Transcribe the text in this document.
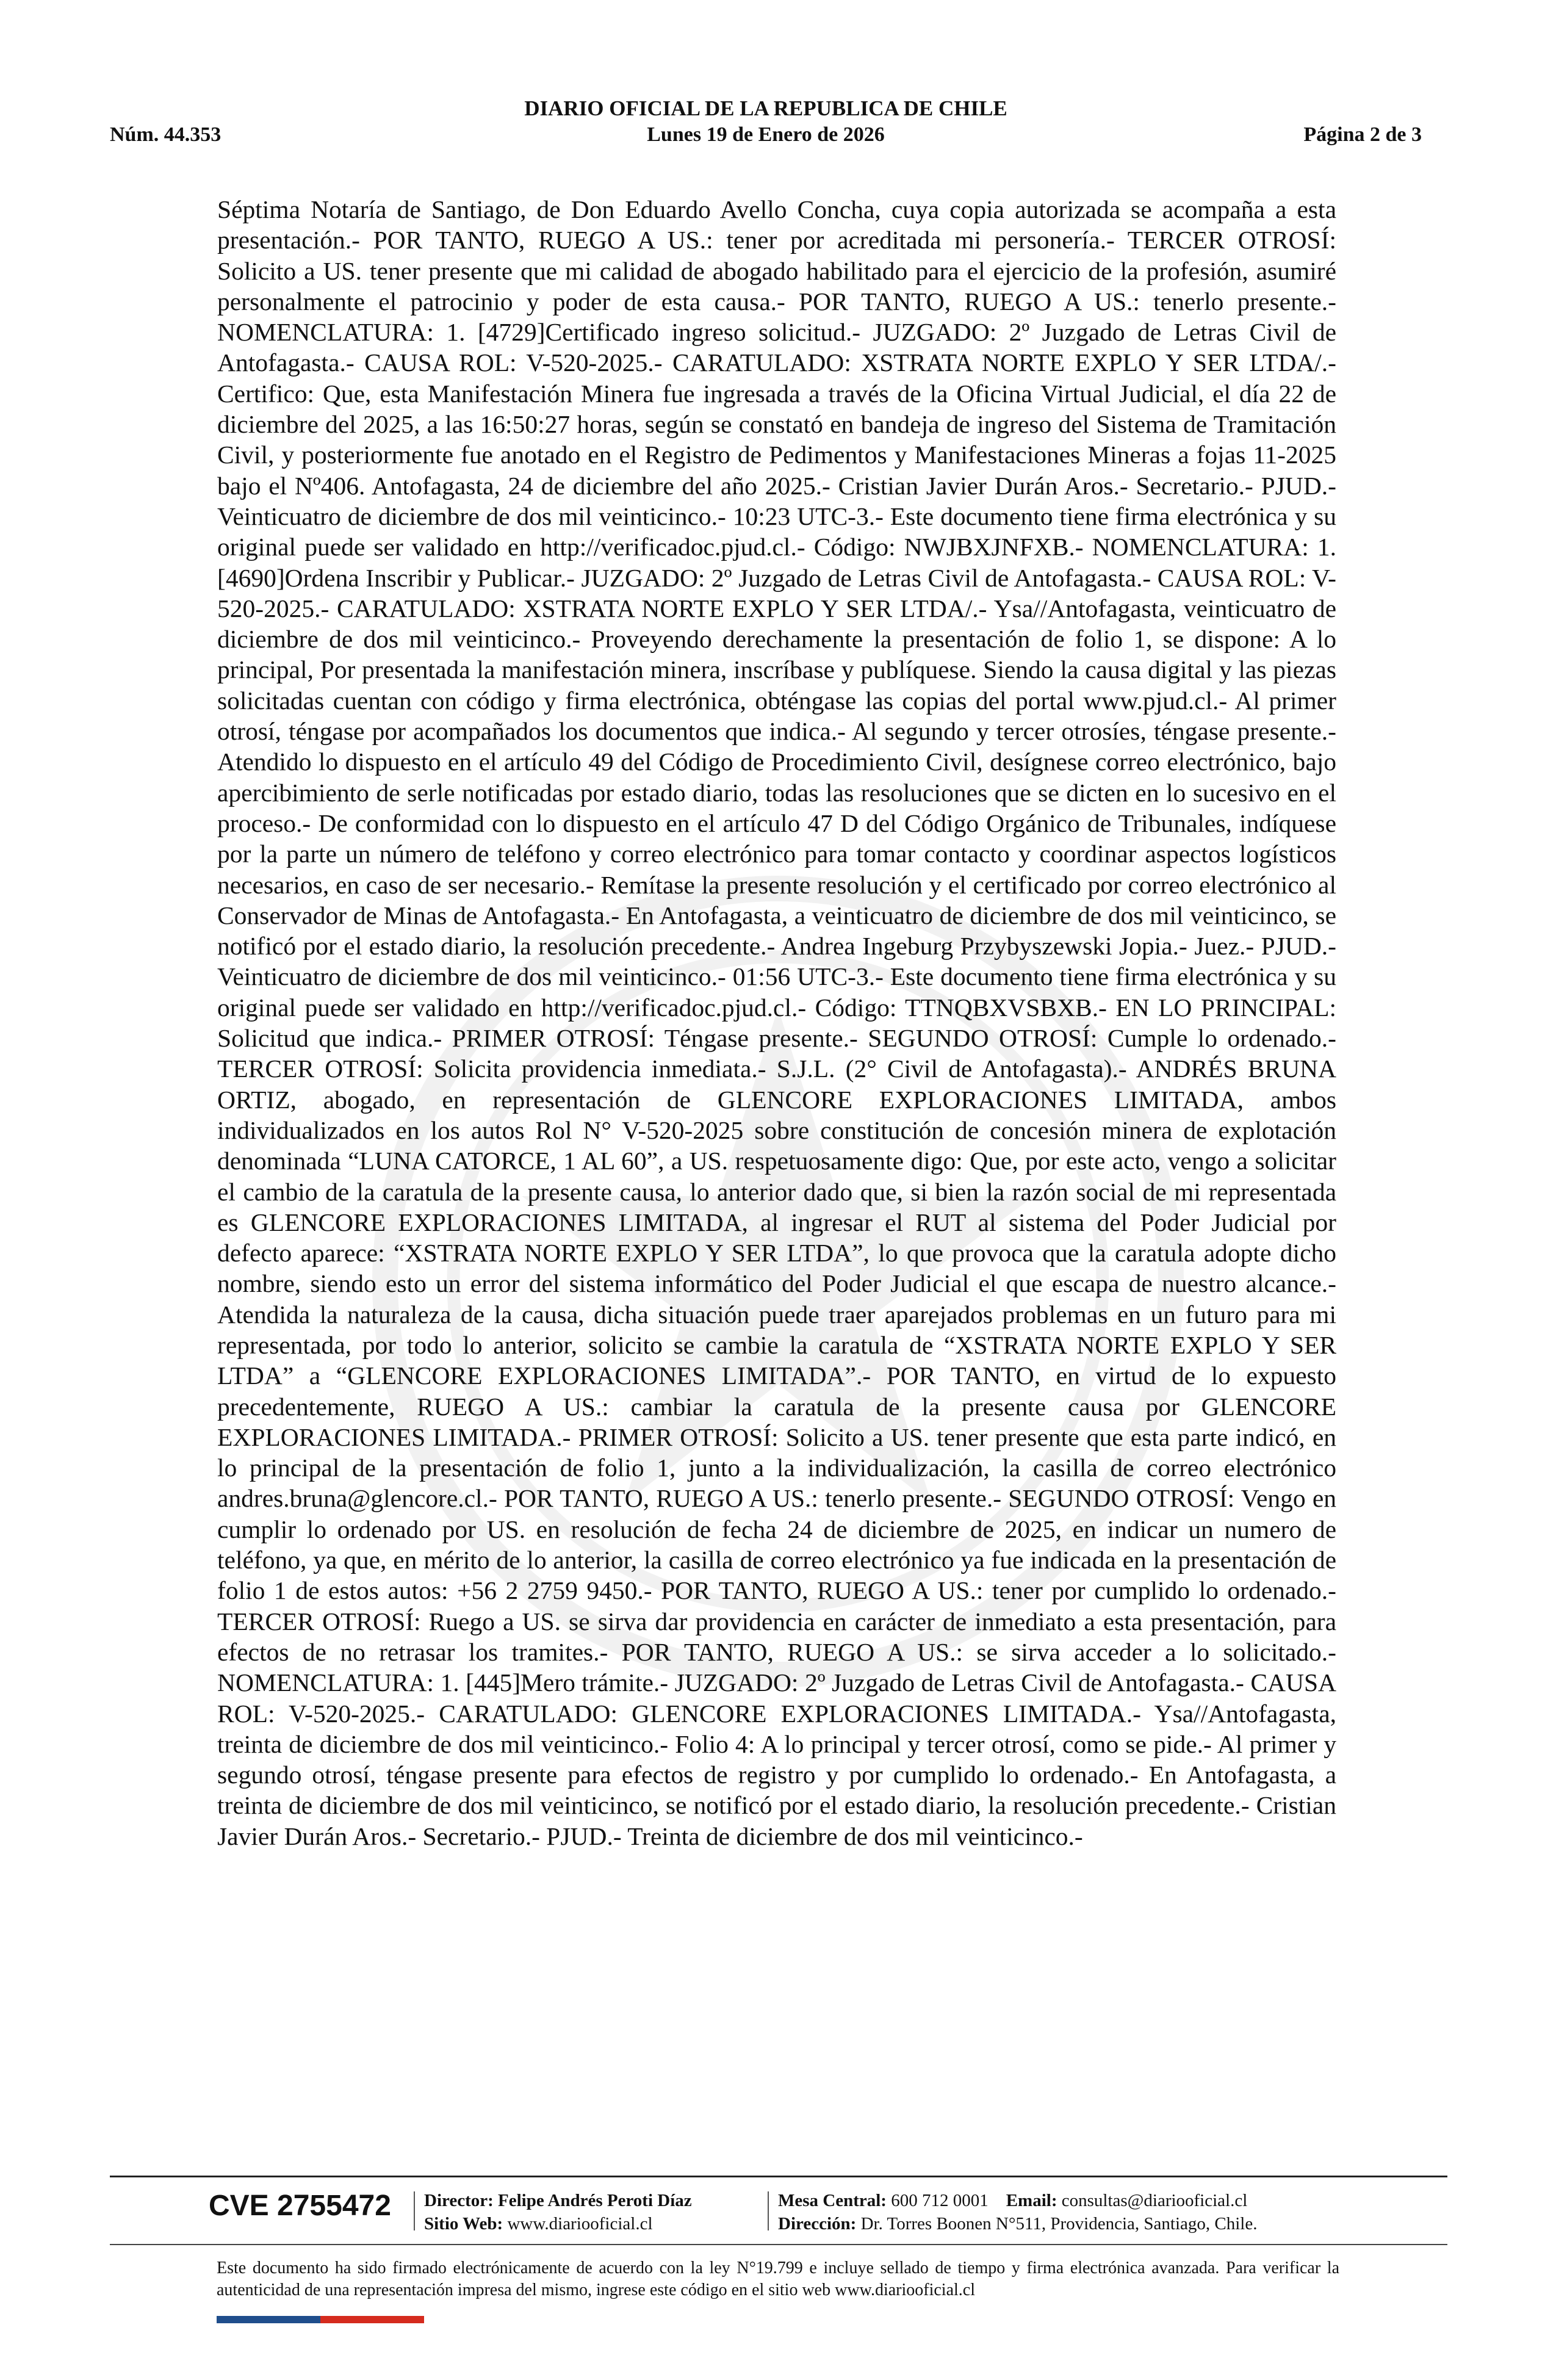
DIARIO OFICIAL DE LA REPUBLICA DE CHILE
Núm. 44.353	Lunes 19 de Enero de 2026	Página 2 de 3
Séptima Notaría de Santiago, de Don Eduardo Avello Concha, cuya copia autorizada se acompaña a esta presentación.- POR TANTO, RUEGO A US.: tener por acreditada mi personería.- TERCER OTROSÍ: Solicito a US. tener presente que mi calidad de abogado habilitado para el ejercicio de la profesión, asumiré personalmente el patrocinio y poder de esta causa.- POR TANTO, RUEGO A US.: tenerlo presente.- NOMENCLATURA: 1. [4729]Certificado ingreso solicitud.- JUZGADO: 2º Juzgado de Letras Civil de Antofagasta.- CAUSA ROL: V-520-2025.- CARATULADO: XSTRATA NORTE EXPLO Y SER LTDA/.- Certifico: Que, esta Manifestación Minera fue ingresada a través de la Oficina Virtual Judicial, el día 22 de diciembre del 2025, a las 16:50:27 horas, según se constató en bandeja de ingreso del Sistema de Tramitación Civil, y posteriormente fue anotado en el Registro de Pedimentos y Manifestaciones Mineras a fojas 11-2025 bajo el Nº406. Antofagasta, 24 de diciembre del año 2025.- Cristian Javier Durán Aros.- Secretario.- PJUD.- Veinticuatro de diciembre de dos mil veinticinco.- 10:23 UTC-3.- Este documento tiene firma electrónica y su original puede ser validado en http://verificadoc.pjud.cl.- Código: NWJBXJNFXB.- NOMENCLATURA: 1. [4690]Ordena Inscribir y Publicar.- JUZGADO: 2º Juzgado de Letras Civil de Antofagasta.- CAUSA ROL: V-520-2025.- CARATULADO: XSTRATA NORTE EXPLO Y SER LTDA/.- Ysa//Antofagasta, veinticuatro de diciembre de dos mil veinticinco.- Proveyendo derechamente la presentación de folio 1, se dispone: A lo principal, Por presentada la manifestación minera, inscríbase y publíquese. Siendo la causa digital y las piezas solicitadas cuentan con código y firma electrónica, obténgase las copias del portal www.pjud.cl.- Al primer otrosí, téngase por acompañados los documentos que indica.- Al segundo y tercer otrosíes, téngase presente.- Atendido lo dispuesto en el artículo 49 del Código de Procedimiento Civil, desígnese correo electrónico, bajo apercibimiento de serle notificadas por estado diario, todas las resoluciones que se dicten en lo sucesivo en el proceso.- De conformidad con lo dispuesto en el artículo 47 D del Código Orgánico de Tribunales, indíquese por la parte un número de teléfono y correo electrónico para tomar contacto y coordinar aspectos logísticos necesarios, en caso de ser necesario.- Remítase la presente resolución y el certificado por correo electrónico al Conservador de Minas de Antofagasta.- En Antofagasta, a veinticuatro de diciembre de dos mil veinticinco, se notificó por el estado diario, la resolución precedente.- Andrea Ingeburg Przybyszewski Jopia.- Juez.- PJUD.- Veinticuatro de diciembre de dos mil veinticinco.- 01:56 UTC-3.- Este documento tiene firma electrónica y su original puede ser validado en http://verificadoc.pjud.cl.- Código: TTNQBXVSBXB.- EN LO PRINCIPAL: Solicitud que indica.- PRIMER OTROSÍ: Téngase presente.- SEGUNDO OTROSÍ: Cumple lo ordenado.- TERCER OTROSÍ: Solicita providencia inmediata.- S.J.L. (2° Civil de Antofagasta).- ANDRÉS BRUNA ORTIZ, abogado, en representación de GLENCORE EXPLORACIONES LIMITADA, ambos individualizados en los autos Rol N° V-520-2025 sobre constitución de concesión minera de explotación denominada “LUNA CATORCE, 1 AL 60”, a US. respetuosamente digo: Que, por este acto, vengo a solicitar el cambio de la caratula de la presente causa, lo anterior dado que, si bien la razón social de mi representada es GLENCORE EXPLORACIONES LIMITADA, al ingresar el RUT al sistema del Poder Judicial por defecto aparece: “XSTRATA NORTE EXPLO Y SER LTDA”, lo que provoca que la caratula adopte dicho nombre, siendo esto un error del sistema informático del Poder Judicial el que escapa de nuestro alcance.- Atendida la naturaleza de la causa, dicha situación puede traer aparejados problemas en un futuro para mi representada, por todo lo anterior, solicito se cambie la caratula de “XSTRATA NORTE EXPLO Y SER LTDA” a “GLENCORE EXPLORACIONES LIMITADA”.- POR TANTO, en virtud de lo expuesto precedentemente, RUEGO A US.: cambiar la caratula de la presente causa por GLENCORE EXPLORACIONES LIMITADA.- PRIMER OTROSÍ: Solicito a US. tener presente que esta parte indicó, en lo principal de la presentación de folio 1, junto a la individualización, la casilla de correo electrónico andres.bruna@glencore.cl.- POR TANTO, RUEGO A US.: tenerlo presente.- SEGUNDO OTROSÍ: Vengo en cumplir lo ordenado por US. en resolución de fecha 24 de diciembre de 2025, en indicar un numero de teléfono, ya que, en mérito de lo anterior, la casilla de correo electrónico ya fue indicada en la presentación de folio 1 de estos autos: +56 2 2759 9450.- POR TANTO, RUEGO A US.: tener por cumplido lo ordenado.- TERCER OTROSÍ: Ruego a US. se sirva dar providencia en carácter de inmediato a esta presentación, para efectos de no retrasar los tramites.- POR TANTO, RUEGO A US.: se sirva acceder a lo solicitado.- NOMENCLATURA: 1. [445]Mero trámite.- JUZGADO: 2º Juzgado de Letras Civil de Antofagasta.- CAUSA ROL: V-520-2025.- CARATULADO: GLENCORE EXPLORACIONES LIMITADA.- Ysa//Antofagasta, treinta de diciembre de dos mil veinticinco.- Folio 4: A lo principal y tercer otrosí, como se pide.- Al primer y segundo otrosí, téngase presente para efectos de registro y por cumplido lo ordenado.- En Antofagasta, a treinta de diciembre de dos mil veinticinco, se notificó por el estado diario, la resolución precedente.- Cristian Javier Durán Aros.- Secretario.- PJUD.- Treinta de diciembre de dos mil veinticinco.-
CVE 2755472	Director: Felipe Andrés Peroti Díaz
Sitio Web: www.diariooficial.cl
Mesa Central: 600 712 0001 Email: consultas@diariooficial.cl
Dirección: Dr. Torres Boonen N°511, Providencia, Santiago, Chile.
Este documento ha sido firmado electrónicamente de acuerdo con la ley N°19.799 e incluye sellado de tiempo y firma electrónica avanzada. Para verificar la autenticidad de una representación impresa del mismo, ingrese este código en el sitio web www.diariooficial.cl
